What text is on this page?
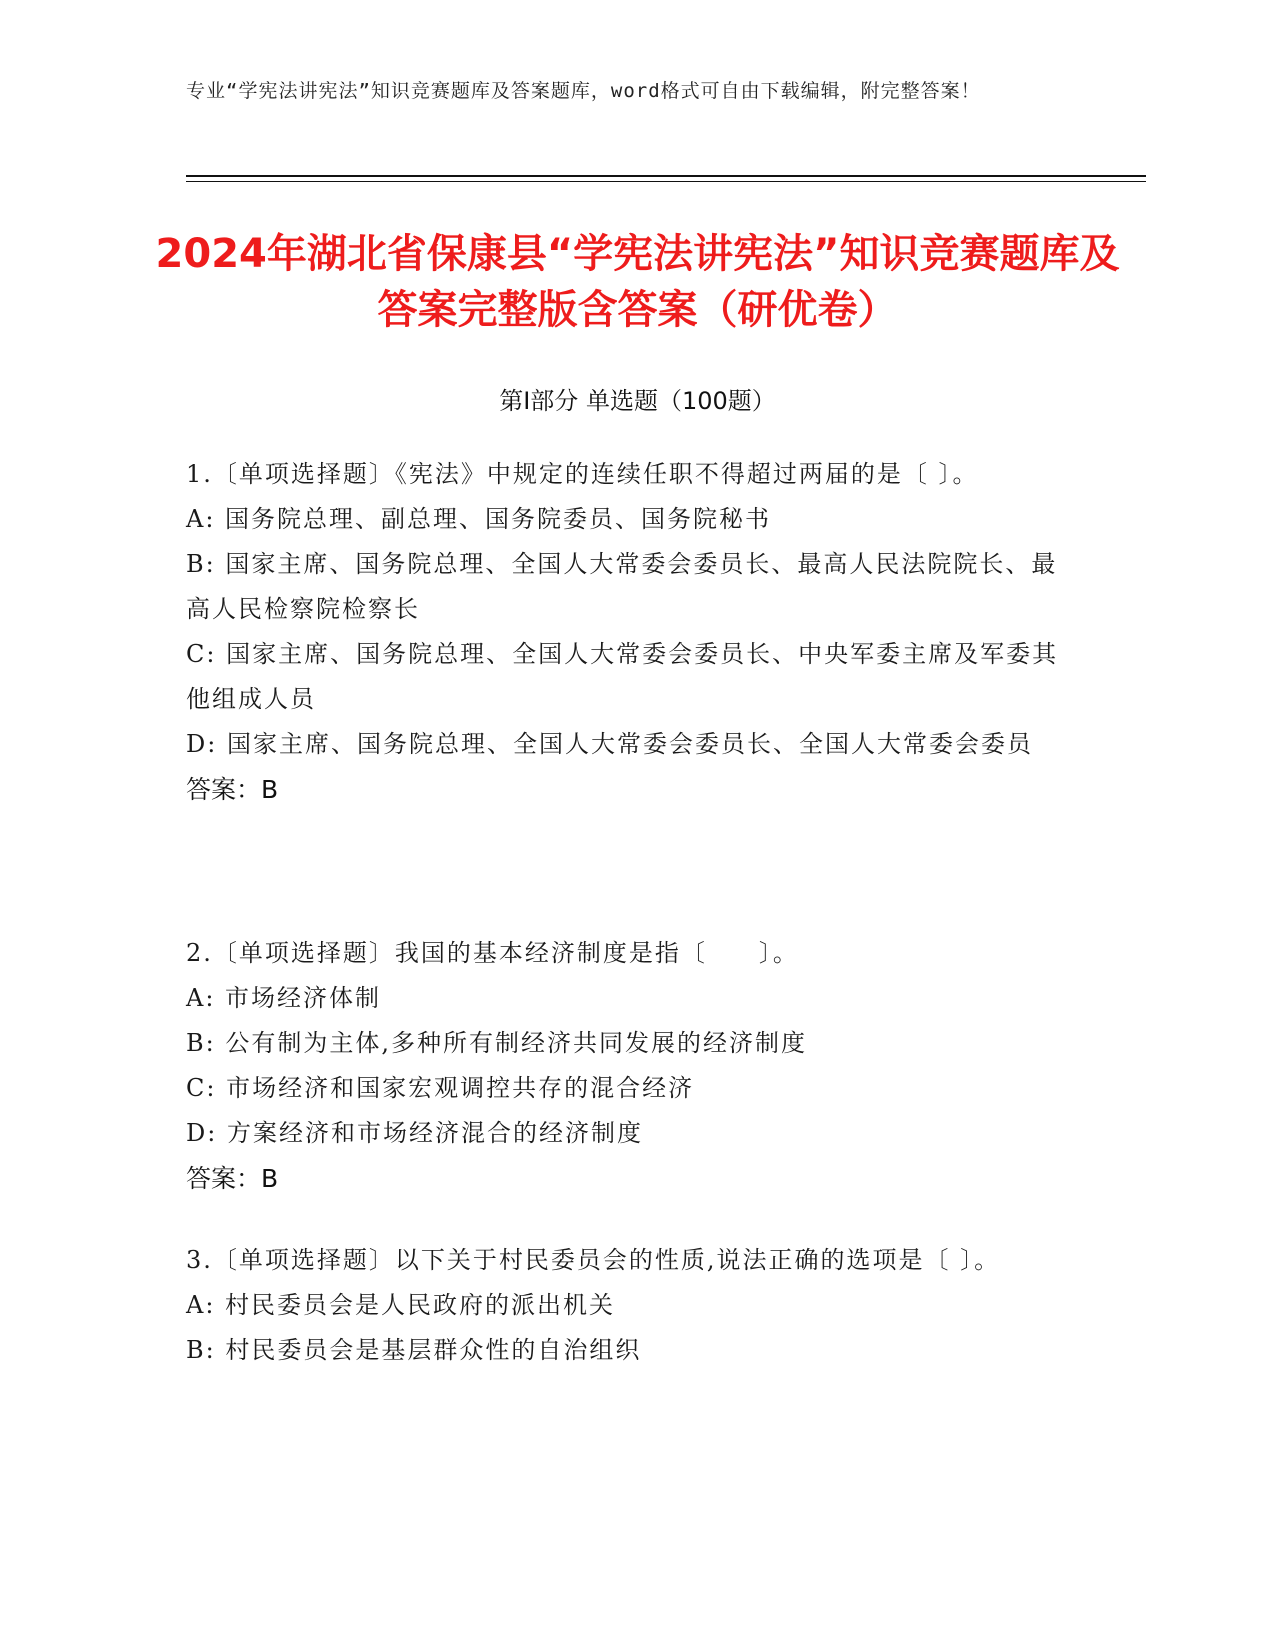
专业“学宪法讲宪法”知识竞赛题库及答案题库，word格式可自由下载编辑，附完整答案！
2024年湖北省保康县“学宪法讲宪法”知识竞赛题库及答案完整版含答案（研优卷）
第Ⅰ部分 单选题（100题）

1.〔单项选择题〕《宪法》中规定的连续任职不得超过两届的是〔 〕。

A: 国务院总理、副总理、国务院委员、国务院秘书

B: 国家主席、国务院总理、全国人大常委会委员长、最高人民法院院长、最高人民检察院检察长

C: 国家主席、国务院总理、全国人大常委会委员长、中央军委主席及军委其他组成人员

D: 国家主席、国务院总理、全国人大常委会委员长、全国人大常委会委员

答案：B

2.〔单项选择题〕我国的基本经济制度是指〔　　〕。

A: 市场经济体制

B: 公有制为主体,多种所有制经济共同发展的经济制度

C: 市场经济和国家宏观调控共存的混合经济

D: 方案经济和市场经济混合的经济制度

答案：B

3.〔单项选择题〕以下关于村民委员会的性质,说法正确的选项是〔 〕。

A: 村民委员会是人民政府的派出机关

B: 村民委员会是基层群众性的自治组织
